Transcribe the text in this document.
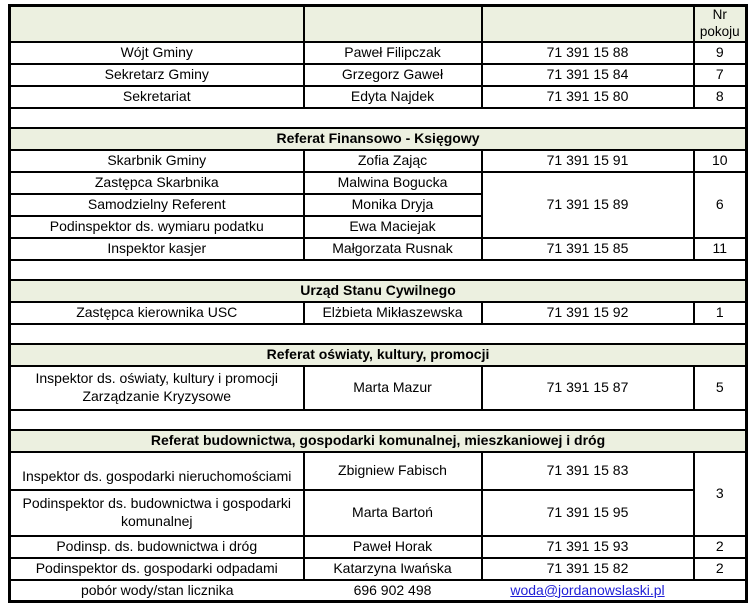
			Nr pokoju
Wójt Gminy	Paweł Filipczak	71 391 15 88	9
Sekretarz Gminy	Grzegorz Gaweł	71 391 15 84	7
Sekretariat	Edyta Najdek	71 391 15 80	8

Referat Finansowo - Księgowy			
Skarbnik Gminy	Zofia Zając	71 391 15 91	10
Zastępca Skarbnika	Malwina Bogucka	71 391 15 89	6
Samodzielny Referent	Monika Dryja		
Podinspektor ds. wymiaru podatku	Ewa Maciejak		
Inspektor kasjer	Małgorzata Rusnak	71 391 15 85	11

Urząd Stanu Cywilnego			
Zastępca kierownika USC	Elżbieta Mikłaszewska	71 391 15 92	1

Referat oświaty, kultury, promocji			

Inspektor ds. oświaty, kultury i promocji
Zarządzanie Kryzysowe	Marta Mazur	71 391 15 87	5

Referat budownictwa, gospodarki komunalnej, mieszkaniowej i dróg			
Inspektor ds. gospodarki nieruchomościami	Zbigniew Fabisch	71 391 15 83	3
Podinspektor ds. budownictwa i gospodarki komunalnej	Marta Bartoń	71 391 15 95	
Podinsp. ds. budownictwa i dróg	Paweł Horak	71 391 15 93	2
Podinspektor ds. gospodarki odpadami	Katarzyna Iwańska	71 391 15 82	2
pobór wody/stan licznika	696 902 498	woda@jordanowslaski.pl	
